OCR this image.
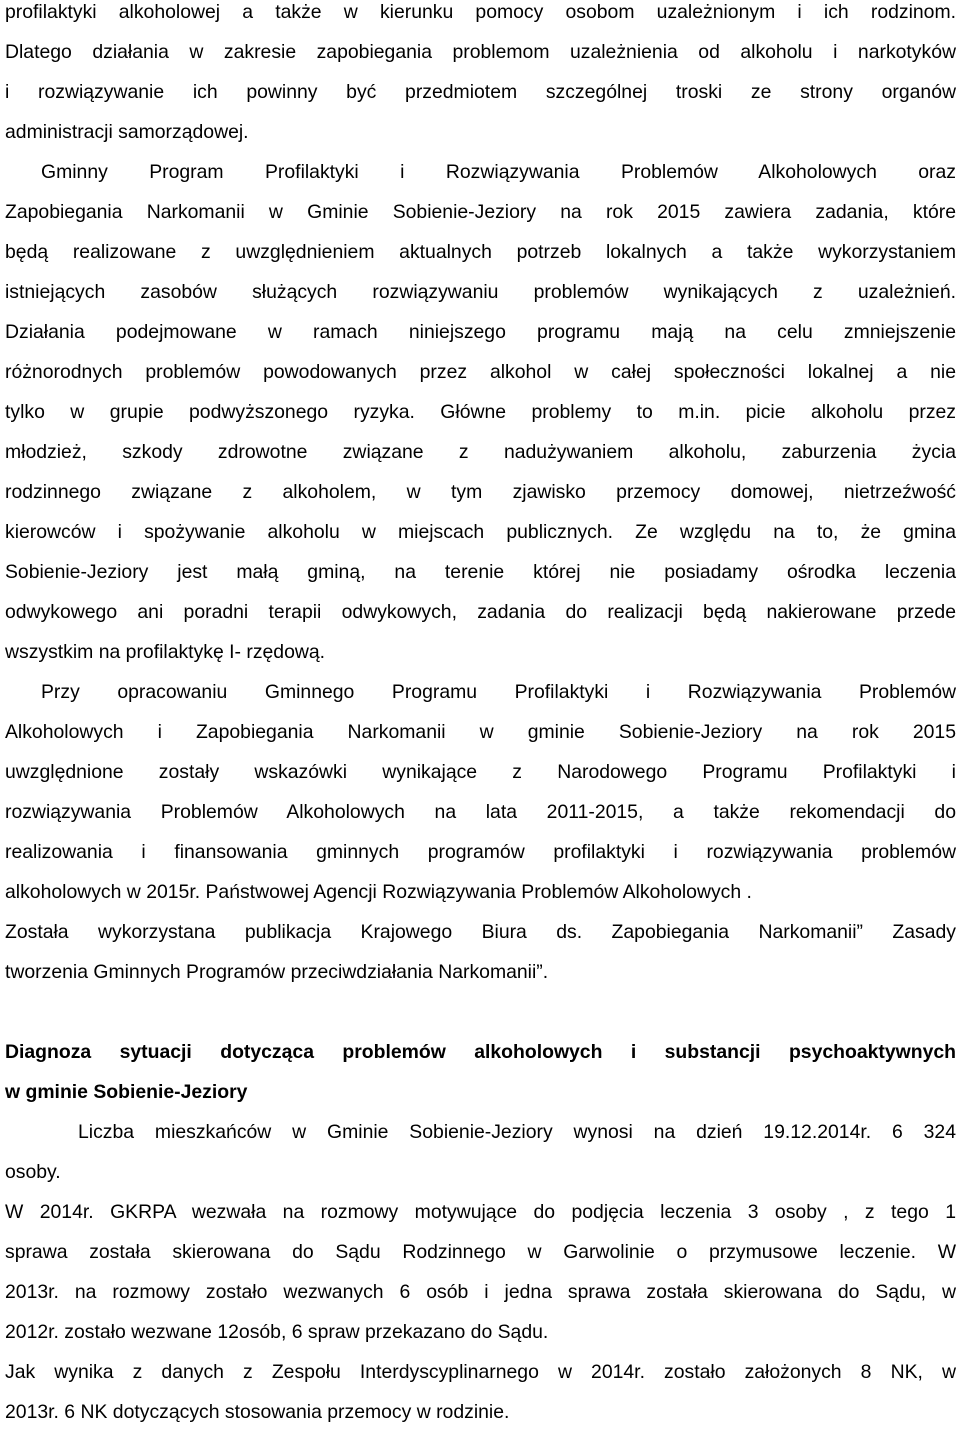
profilaktyki alkoholowej a także w kierunku pomocy osobom uzależnionym i ich rodzinom.
Dlatego działania w zakresie zapobiegania problemom uzależnienia od alkoholu i narkotyków
i rozwiązywanie ich powinny być przedmiotem szczególnej troski ze strony organów
administracji samorządowej.
Gminny Program Profilaktyki i Rozwiązywania Problemów Alkoholowych oraz
Zapobiegania Narkomanii w Gminie Sobienie-Jeziory na rok 2015 zawiera zadania, które
będą realizowane z uwzględnieniem aktualnych potrzeb lokalnych a także wykorzystaniem
istniejących zasobów służących rozwiązywaniu problemów wynikających z uzależnień.
Działania podejmowane w ramach niniejszego programu mają na celu zmniejszenie
różnorodnych problemów powodowanych przez alkohol w całej społeczności lokalnej a nie
tylko w grupie podwyższonego ryzyka. Główne problemy to m.in. picie alkoholu przez
młodzież, szkody zdrowotne związane z nadużywaniem alkoholu, zaburzenia życia
rodzinnego związane z alkoholem, w tym zjawisko przemocy domowej, nietrzeźwość
kierowców i spożywanie alkoholu w miejscach publicznych. Ze względu na to, że gmina
Sobienie-Jeziory jest małą gminą, na terenie której nie posiadamy ośrodka leczenia
odwykowego ani poradni terapii odwykowych, zadania do realizacji będą nakierowane przede
wszystkim na profilaktykę I- rzędową.
Przy opracowaniu Gminnego Programu Profilaktyki i Rozwiązywania Problemów
Alkoholowych i Zapobiegania Narkomanii w gminie Sobienie-Jeziory na rok 2015
uwzględnione zostały wskazówki wynikające z Narodowego Programu Profilaktyki i
rozwiązywania Problemów Alkoholowych na lata 2011-2015, a także rekomendacji do
realizowania i finansowania gminnych programów profilaktyki i rozwiązywania problemów
alkoholowych w 2015r. Państwowej Agencji Rozwiązywania Problemów Alkoholowych .
Została wykorzystana publikacja Krajowego Biura ds. Zapobiegania Narkomanii” Zasady
tworzenia Gminnych Programów przeciwdziałania Narkomanii”.
Diagnoza sytuacji dotycząca problemów alkoholowych i substancji psychoaktywnych
w gminie Sobienie-Jeziory
Liczba mieszkańców w Gminie Sobienie-Jeziory wynosi na dzień 19.12.2014r. 6 324
osoby.
W 2014r. GKRPA wezwała na rozmowy motywujące do podjęcia leczenia 3 osoby , z tego 1
sprawa została skierowana do Sądu Rodzinnego w Garwolinie o przymusowe leczenie. W
2013r. na rozmowy zostało wezwanych 6 osób i jedna sprawa została skierowana do Sądu, w
2012r. zostało wezwane 12osób, 6 spraw przekazano do Sądu.
Jak wynika z danych z Zespołu Interdyscyplinarnego w 2014r. zostało założonych 8 NK, w
2013r. 6 NK dotyczących stosowania przemocy w rodzinie.
